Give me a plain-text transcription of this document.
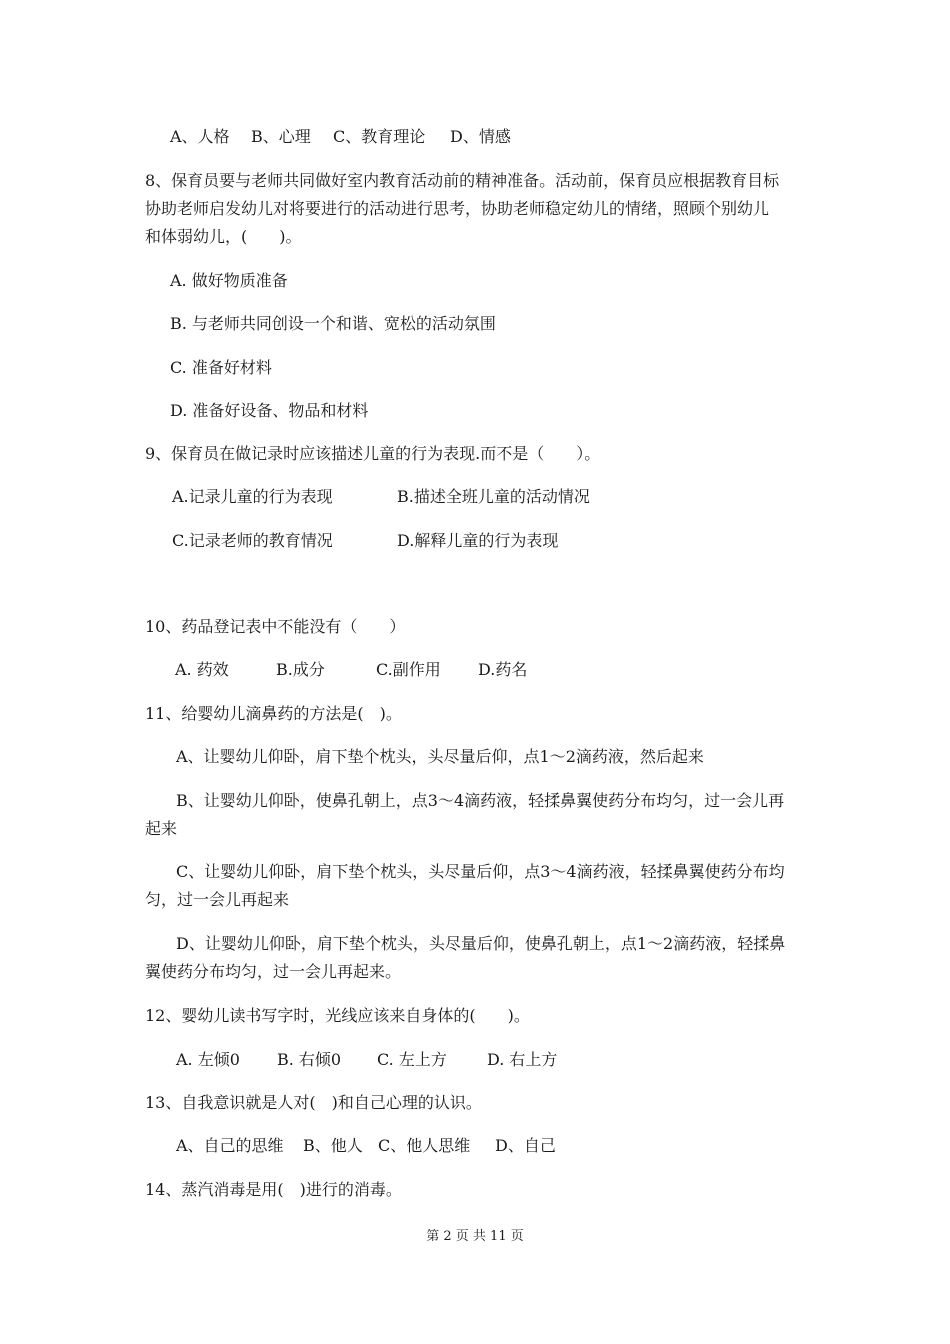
A、人格 B、心理 C、教育理论 D、情感
8、保育员要与老师共同做好室内教育活动前的精神准备。活动前，保育员应根据教育目标
协助老师启发幼儿对将要进行的活动进行思考，协助老师稳定幼儿的情绪，照顾个别幼儿
和体弱幼儿，(　　)。
A. 做好物质准备
B. 与老师共同创设一个和谐、宽松的活动氛围
C. 准备好材料
D. 准备好设备、物品和材料
9、保育员在做记录时应该描述儿童的行为表现.而不是（　　）。
A.记录儿童的行为表现	B.描述全班儿童的活动情况
C.记录老师的教育情况	D.解释儿童的行为表现
10、药品登记表中不能没有（　　）
A. 药效	B.成分	C.副作用 D.药名
11、给婴幼儿滴鼻药的方法是(　)。
A、让婴幼儿仰卧，肩下垫个枕头，头尽量后仰，点1～2滴药液，然后起来
B、让婴幼儿仰卧，使鼻孔朝上，点3～4滴药液，轻揉鼻翼使药分布均匀，过一会儿再
起来
C、让婴幼儿仰卧，肩下垫个枕头，头尽量后仰，点3～4滴药液，轻揉鼻翼使药分布均
匀，过一会儿再起来
D、让婴幼儿仰卧，肩下垫个枕头，头尽量后仰，使鼻孔朝上，点1～2滴药液，轻揉鼻
翼使药分布均匀，过一会儿再起来。
12、婴幼儿读书写字时，光线应该来自身体的(　　)。
A. 左倾0 B. 右倾0 C. 左上方	D. 右上方
13、自我意识就是人对(　)和自己心理的认识。
A、自己的思维 B、他人 C、他人思维 D、自己
14、蒸汽消毒是用(　)进行的消毒。
第 2 页 共 11 页
